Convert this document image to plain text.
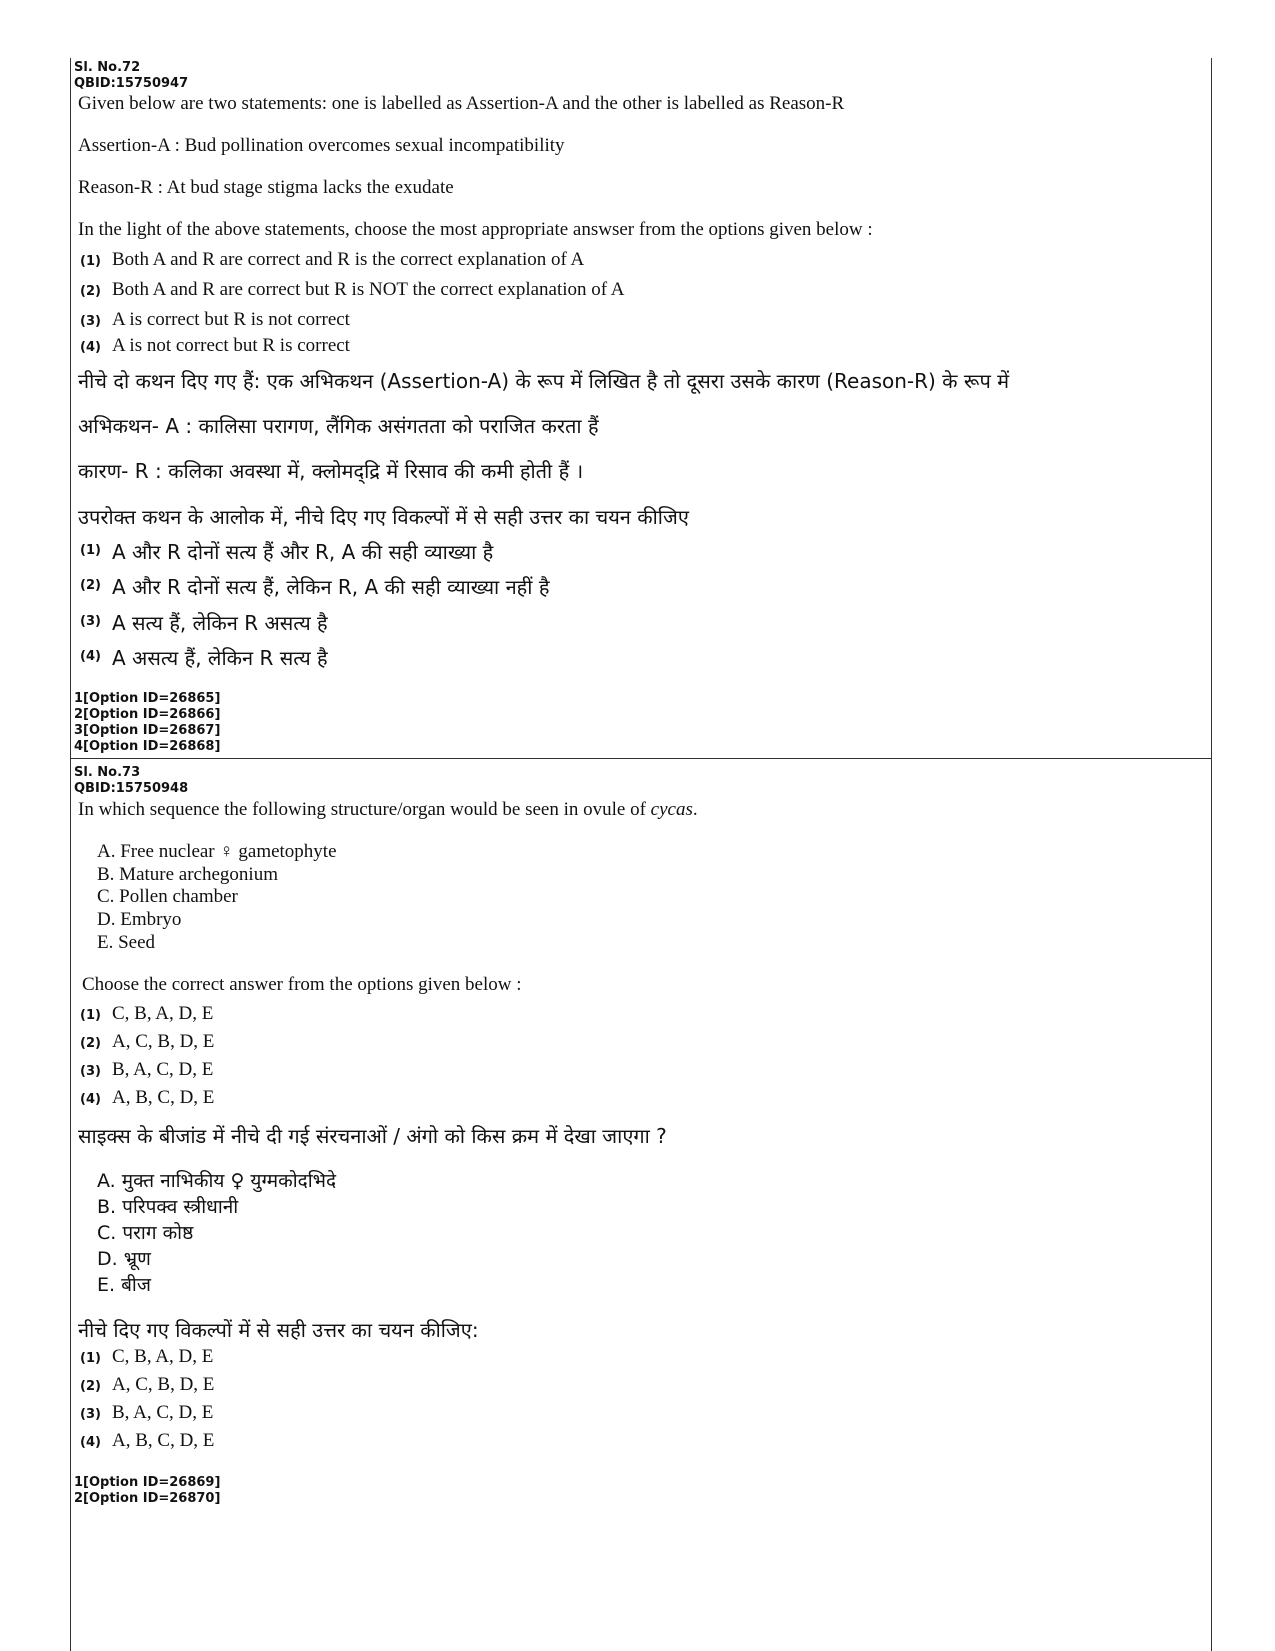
Sl. No.72
QBID:15750947
Given below are two statements: one is labelled as Assertion-A and the other is labelled as Reason-R
Assertion-A : Bud pollination overcomes sexual incompatibility
Reason-R : At bud stage stigma lacks the exudate
In the light of the above statements, choose the most appropriate answser from the options given below :
(1) Both A and R are correct and R is the correct explanation of A
(2) Both A and R are correct but R is NOT the correct explanation of A
(3) A is correct but R is not correct
(4) A is not correct but R is correct
नीचे दो कथन दिए गए हैं: एक अभिकथन (Assertion-A) के रूप में लिखित है तो दूसरा उसके कारण (Reason-R) के रूप में
अभिकथन- A : कालिसा परागण, लैंगिक असंगतता को पराजित करता हैं
कारण- R : कलिका अवस्था में, क्लोमद्द्रि में रिसाव की कमी होती हैं ।
उपरोक्त कथन के आलोक में, नीचे दिए गए विकल्पों में से सही उत्तर का चयन कीजिए
(1) A और R दोनों सत्य हैं और R, A की सही व्याख्या है
(2) A और R दोनों सत्य हैं, लेकिन R, A की सही व्याख्या नहीं है
(3) A सत्य हैं, लेकिन R असत्य है
(4) A असत्य हैं, लेकिन R सत्य है
1[Option ID=26865]
2[Option ID=26866]
3[Option ID=26867]
4[Option ID=26868]
Sl. No.73
QBID:15750948
In which sequence the following structure/organ would be seen in ovule of cycas.
A. Free nuclear ♀ gametophyte
B. Mature archegonium
C. Pollen chamber
D. Embryo
E. Seed
Choose the correct answer from the options given below :
(1) C, B, A, D, E
(2) A, C, B, D, E
(3) B, A, C, D, E
(4) A, B, C, D, E
साइक्स के बीजांड में नीचे दी गई संरचनाओं / अंगो को किस क्रम में देखा जाएगा ?
A. मुक्त नाभिकीय ♀ युग्मकोदभिदे
B. परिपक्व स्त्रीधानी
C. पराग कोष्ठ
D. भ्रूण
E. बीज
नीचे दिए गए विकल्पों में से सही उत्तर का चयन कीजिए:
(1) C, B, A, D, E
(2) A, C, B, D, E
(3) B, A, C, D, E
(4) A, B, C, D, E
1[Option ID=26869]
2[Option ID=26870]
